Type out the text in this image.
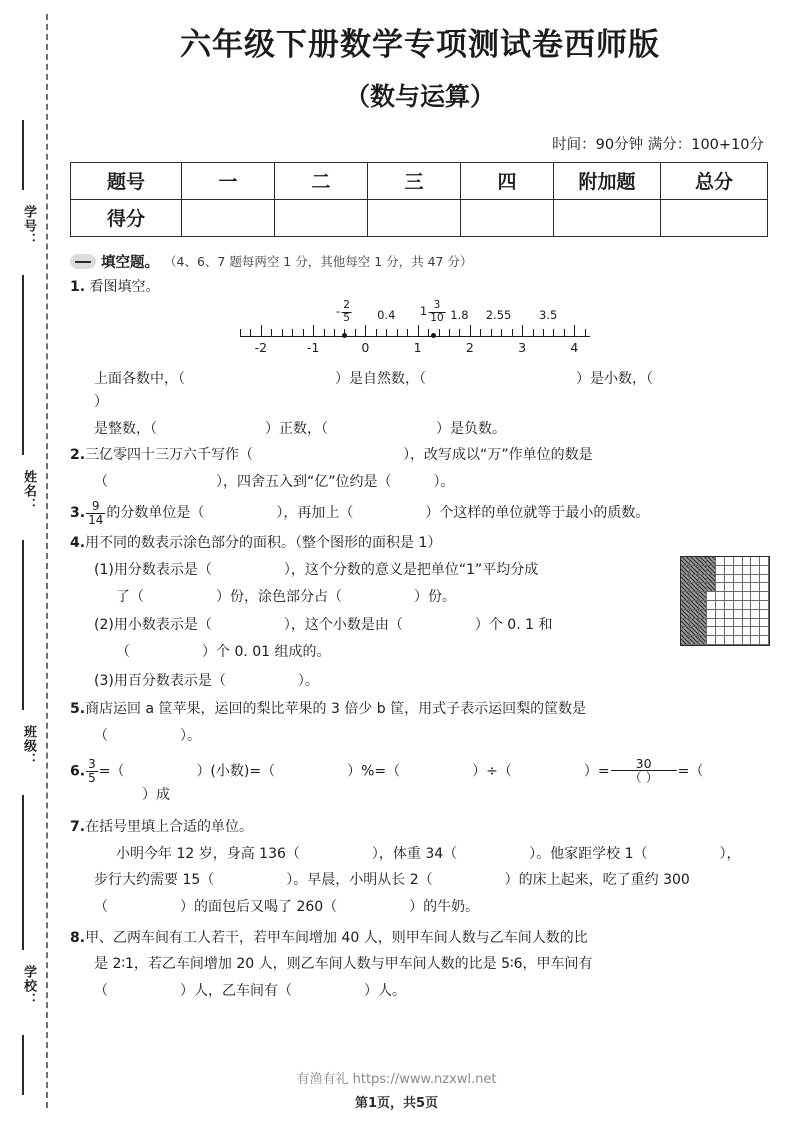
学号：
姓名：
班级：
学校：
六年级下册数学专项测试卷西师版
（数与运算）
时间：90分钟 满分：100+10分
题号	一	二	三	四	附加题	总分
得分						
填空题。 （4、6、7 题每两空 1 分，其他每空 1 分，共 47 分）
1. 看图填空。
-2	-1	0	1	2	3	4
- $\frac{2}{5} 0.4$ $1 \frac{3}{10} 1.8$ 2.55 3.5
上面各数中，（	）是自然数，（	）是小数，（）
是整数，（	）正数，（	）是负数。
2.三亿零四十三万六千写作（	），改写成以“万”作单位的数是
（	），四舍五入到“亿”位约是（	）。
3. $\frac{9}{14}$ 的分数单位是（	），再加上（	）个这样的单位就等于最小的质数。
4.用不同的数表示涂色部分的面积。（整个图形的面积是 1）
(1)用分数表示是（	），这个分数的意义是把单位“1”平均分成
了（	）份，涂色部分占（	）份。
(2)用小数表示是（	），这个小数是由（	）个 0. 1 和
（	）个 0. 01 组成的。
(3)用百分数表示是（	）。
5.商店运回 a 筐苹果，运回的梨比苹果的 3 倍少 b 筐，用式子表示运回梨的筐数是
（	）。
6. $\frac{3}{5}$ =（	）(小数)=（	）%=（	）÷（	）= $\frac{30}{( )}$ =（）成
7.在括号里填上合适的单位。
小明今年 12 岁，身高 136（	），体重 34（	）。他家距学校 1（	），
步行大约需要 15（	）。早晨，小明从长 2（	）的床上起来，吃了重约 300
（	）的面包后又喝了 260（	）的牛奶。
8.甲、乙两车间有工人若干，若甲车间增加 40 人，则甲车间人数与乙车间人数的比
是 2∶1，若乙车间增加 20 人，则乙车间人数与甲车间人数的比是 5∶6，甲车间有
（	）人，乙车间有（	）人。
有渔有礼 https://www.nzxwl.net
第1页，共5页
